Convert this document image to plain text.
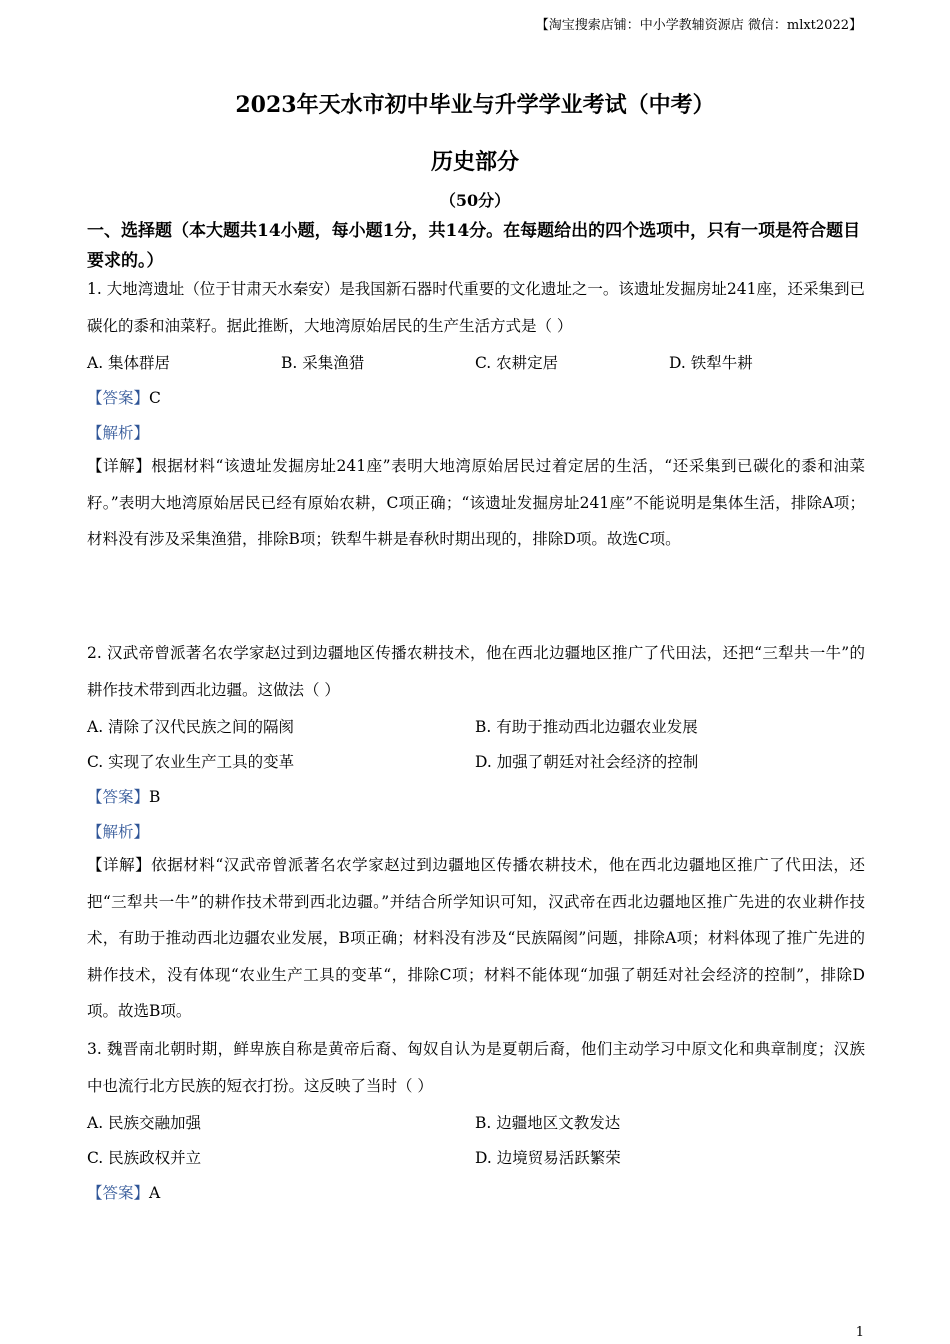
【淘宝搜索店铺：中小学教辅资源店 微信：mlxt2022】
2023年天水市初中毕业与升学学业考试（中考）
历史部分
（50分）
一、选择题（本大题共14小题，每小题1分，共14分。在每题给出的四个选项中，只有一项是符合题目要求的。）
1. 大地湾遗址（位于甘肃天水秦安）是我国新石器时代重要的文化遗址之一。该遗址发掘房址241座，还采集到已碳化的黍和油菜籽。据此推断，大地湾原始居民的生产生活方式是（ ）
A. 集体群居	B. 采集渔猎	C. 农耕定居	D. 铁犁牛耕
【答案】C
【解析】
【详解】根据材料“该遗址发掘房址241座”表明大地湾原始居民过着定居的生活，“还采集到已碳化的黍和油菜籽。”表明大地湾原始居民已经有原始农耕，C项正确；“该遗址发掘房址241座”不能说明是集体生活，排除A项；材料没有涉及采集渔猎，排除B项；铁犁牛耕是春秋时期出现的，排除D项。故选C项。
2. 汉武帝曾派著名农学家赵过到边疆地区传播农耕技术，他在西北边疆地区推广了代田法，还把“三犁共一牛”的耕作技术带到西北边疆。这做法（ ）
A. 清除了汉代民族之间的隔阂	B. 有助于推动西北边疆农业发展
C. 实现了农业生产工具的变革	D. 加强了朝廷对社会经济的控制
【答案】B
【解析】
【详解】依据材料“汉武帝曾派著名农学家赵过到边疆地区传播农耕技术，他在西北边疆地区推广了代田法，还把“三犁共一牛”的耕作技术带到西北边疆。”并结合所学知识可知，汉武帝在西北边疆地区推广先进的农业耕作技术，有助于推动西北边疆农业发展，B项正确；材料没有涉及“民族隔阂”问题，排除A项；材料体现了推广先进的耕作技术，没有体现“农业生产工具的变革“，排除C项；材料不能体现“加强了朝廷对社会经济的控制”，排除D项。故选B项。
3. 魏晋南北朝时期，鲜卑族自称是黄帝后裔、匈奴自认为是夏朝后裔，他们主动学习中原文化和典章制度；汉族中也流行北方民族的短衣打扮。这反映了当时（ ）
A. 民族交融加强	B. 边疆地区文教发达
C. 民族政权并立	D. 边境贸易活跃繁荣
【答案】A
1
